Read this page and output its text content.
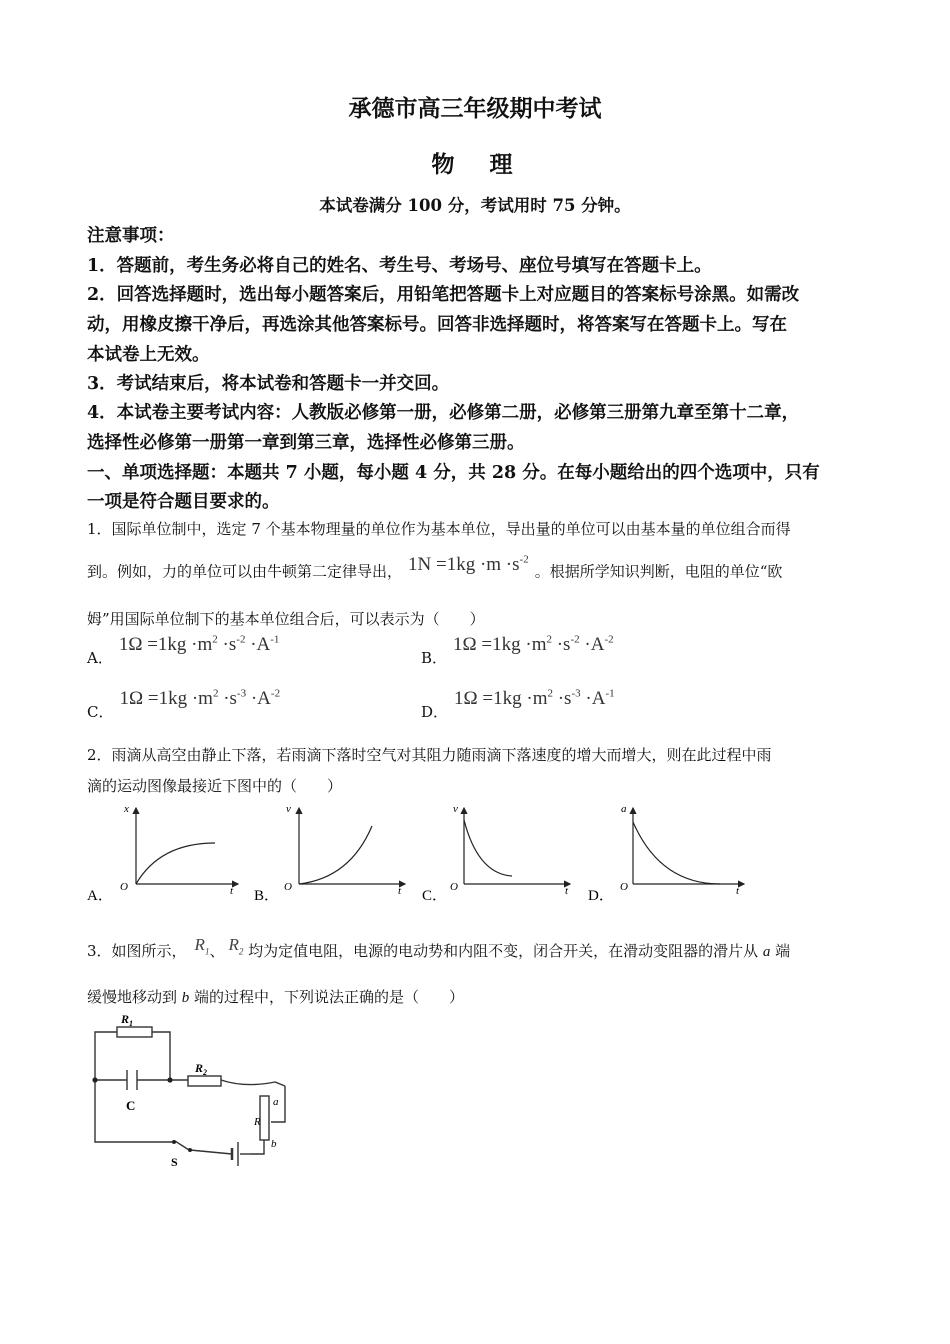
承德市高三年级期中考试
物　理
本试卷满分 100 分，考试用时 75 分钟。
注意事项：
1．答题前，考生务必将自己的姓名、考生号、考场号、座位号填写在答题卡上。
2．回答选择题时，选出每小题答案后，用铅笔把答题卡上对应题目的答案标号涂黑。如需改
动，用橡皮擦干净后，再选涂其他答案标号。回答非选择题时，将答案写在答题卡上。写在
本试卷上无效。
3．考试结束后，将本试卷和答题卡一并交回。
4．本试卷主要考试内容：人教版必修第一册，必修第二册，必修第三册第九章至第十二章，
选择性必修第一册第一章到第三章，选择性必修第三册。
一、单项选择题：本题共 7 小题，每小题 4 分，共 28 分。在每小题给出的四个选项中，只有
一项是符合题目要求的。
1．国际单位制中，选定 7 个基本物理量的单位作为基本单位，导出量的单位可以由基本量的单位组合而得
到。例如，力的单位可以由牛顿第二定律导出， $1N =1kg \cdot m \cdot s^{-2}$。根据所学知识判断，电阻的单位“欧
姆”用国际单位制下的基本单位组合后，可以表示为（　　）
A．$1\Omega =1kg \cdot m^2 \cdot s^{-2} \cdot A^{-1}$
B．$1\Omega =1kg \cdot m^2 \cdot s^{-2} \cdot A^{-2}$
C．$1\Omega =1kg \cdot m^2 \cdot s^{-3} \cdot A^{-2}$
D．$1\Omega =1kg \cdot m^2 \cdot s^{-3} \cdot A^{-1}$
2．雨滴从高空由静止下落，若雨滴下落时空气对其阻力随雨滴下落速度的增大而增大，则在此过程中雨
滴的运动图像最接近下图中的（　　）
A．
x
t
O
B．
v
t
O
C．
v
t
O
D．
a
t
O
3．如图所示， $R_1$、 $R_2$ 均为定值电阻，电源的电动势和内阻不变，闭合开关，在滑动变阻器的滑片从 a 端
缓慢地移动到 b 端的过程中，下列说法正确的是（　　）
$R_1$
$R_2$
C
R
a
b
S
